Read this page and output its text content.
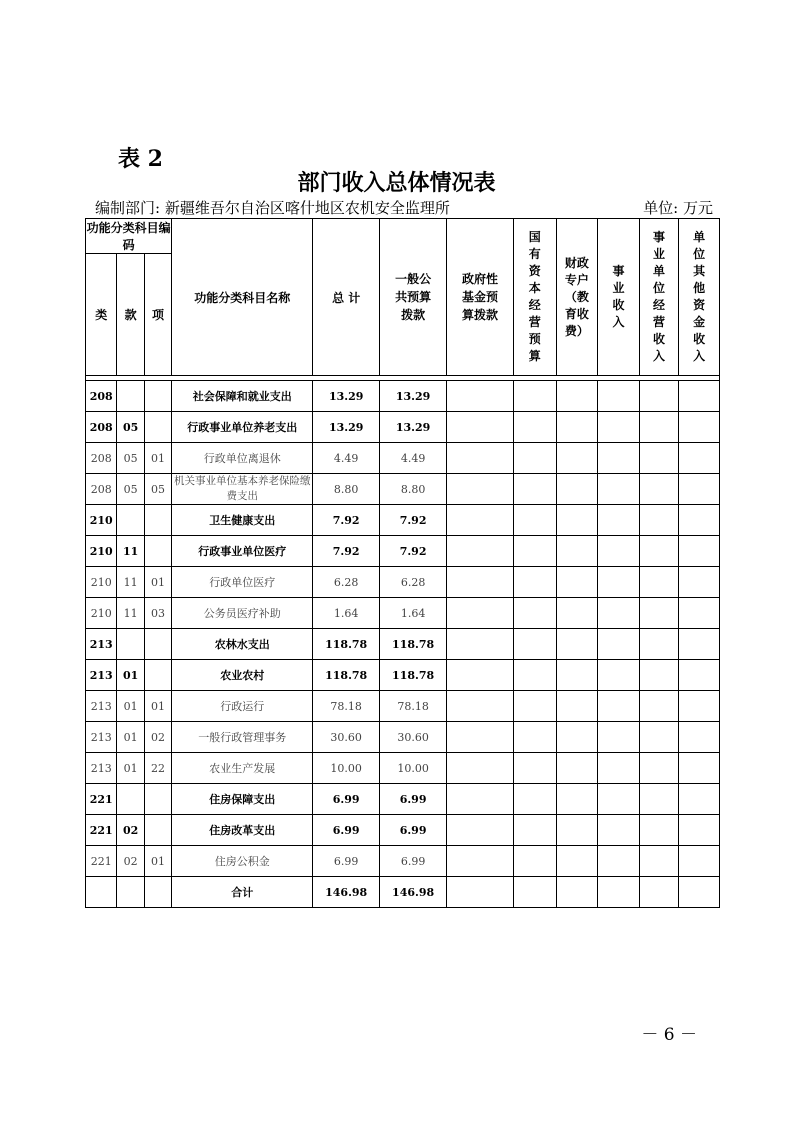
表 2
部门收入总体情况表
编制部门: 新疆维吾尔自治区喀什地区农机安全监理所	单位: 万元
功能分类科目编码			功能分类科目名称	总 计	一般公共预算拨款	政府性基金预算拨款	国有资本经营预算	财政专户（教育收费）	事业收入	事业单位经营收入	单位其他资金收入
类	款	项									

208			社会保障和就业支出	13.29	13.29						
208	05		行政事业单位养老支出	13.29	13.29						
208	05	01	行政单位离退休	4.49	4.49						
208	05	05	机关事业单位基本养老保险缴费支出	8.80	8.80						
210			卫生健康支出	7.92	7.92						
210	11		行政事业单位医疗	7.92	7.92						
210	11	01	行政单位医疗	6.28	6.28						
210	11	03	公务员医疗补助	1.64	1.64						
213			农林水支出	118.78	118.78						
213	01		农业农村	118.78	118.78						
213	01	01	行政运行	78.18	78.18						
213	01	02	一般行政管理事务	30.60	30.60						
213	01	22	农业生产发展	10.00	10.00						
221			住房保障支出	6.99	6.99						
221	02		住房改革支出	6.99	6.99						
221	02	01	住房公积金	6.99	6.99						
			合计	146.98	146.98						
－ 6 －
